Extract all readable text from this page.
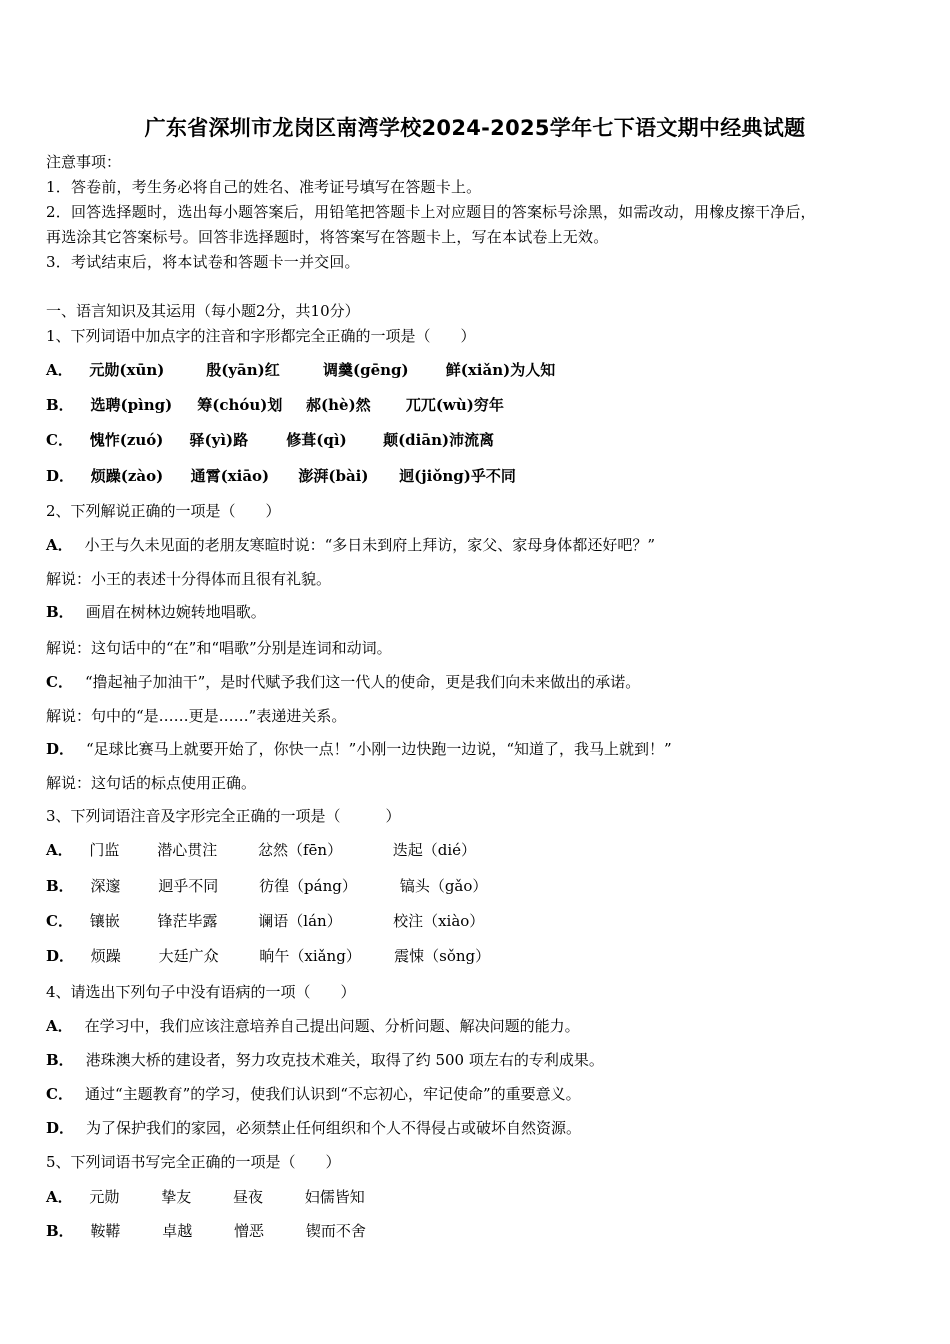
广东省深圳市龙岗区南湾学校2024-2025学年七下语文期中经典试题
注意事项：
1．答卷前，考生务必将自己的姓名、准考证号填写在答题卡上。
2．回答选择题时，选出每小题答案后，用铅笔把答题卡上对应题目的答案标号涂黑，如需改动，用橡皮擦干净后，
再选涂其它答案标号。回答非选择题时，将答案写在答题卡上，写在本试卷上无效。
3．考试结束后，将本试卷和答题卡一并交回。
一、语言知识及其运用（每小题2分，共10分）
1、下列词语中加点字的注音和字形都完全正确的一项是（　　）
A． 元勋(xūn)	殷(yān)红	调羹(gēng) 鲜(xiǎn)为人知
B． 选聘(pìng) 筹(chóu)划 郝(hè)然 兀兀(wù)穷年
C． 愧怍(zuó) 驿(yì)路	修葺(qì) 颠(diān)沛流离
D． 烦躁(zào) 通霄(xiāo) 澎湃(bài) 迥(jiǒng)乎不同
2、下列解说正确的一项是（　　）
A． 小王与久未见面的老朋友寒暄时说：“多日未到府上拜访，家父、家母身体都还好吧？”
解说：小王的表述十分得体而且很有礼貌。
B． 画眉在树林边婉转地唱歌。
解说：这句话中的“在”和“唱歌”分别是连词和动词。
C． “撸起袖子加油干”，是时代赋予我们这一代人的使命，更是我们向未来做出的承诺。
解说：句中的“是……更是……”表递进关系。
D． “足球比赛马上就要开始了，你快一点！”小刚一边快跑一边说，“知道了，我马上就到！”
解说：这句话的标点使用正确。
3、下列词语注音及字形完全正确的一项是（　　　）
A． 门监	潜心贯注	忿然（fēn）	迭起（dié）
B． 深邃	迥乎不同	彷徨（páng）	镐头（gǎo）
C． 镶嵌	锋茫毕露	谰语（lán）	校注（xiào）
D． 烦躁	大廷广众	晌午（xiǎng） 震悚（sǒng）
4、请选出下列句子中没有语病的一项（　　）
A． 在学习中，我们应该注意培养自己提出问题、分析问题、解决问题的能力。
B． 港珠澳大桥的建设者，努力攻克技术难关，取得了约 500 项左右的专利成果。
C． 通过“主题教育”的学习，使我们认识到“不忘初心，牢记使命”的重要意义。
D． 为了保护我们的家园，必须禁止任何组织和个人不得侵占或破坏自然资源。
5、下列词语书写完全正确的一项是（　　）
A． 元勋	挚友	昼夜	妇儒皆知
B． 鞍鞯	卓越	憎恶	锲而不舍
